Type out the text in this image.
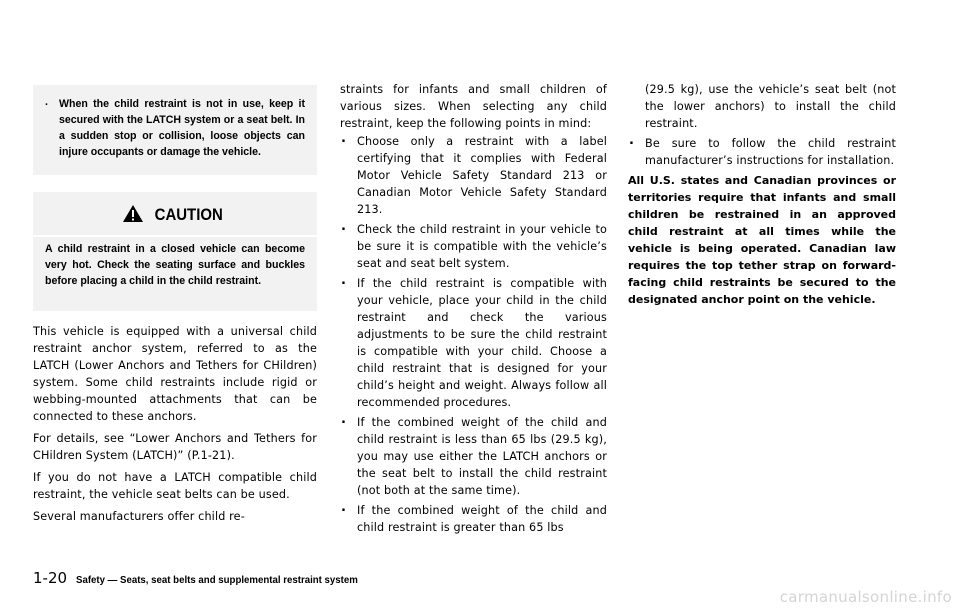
. When the child restraint is not in use, keep it secured with the LATCH system or a seat belt. In a sudden stop or collision, loose objects can injure occupants or damage the vehicle.
CAUTION
A child restraint in a closed vehicle can become very hot. Check the seating surface and buckles before placing a child in the child restraint.

This vehicle is equipped with a universal child restraint anchor system, referred to as the LATCH (Lower Anchors and Tethers for CHildren) system. Some child restraints include rigid or webbing-mounted attachments that can be connected to these anchors.

For details, see “Lower Anchors and Tethers for CHildren System (LATCH)” (P.1-21).

If you do not have a LATCH compatible child restraint, the vehicle seat belts can be used.

Several manufacturers offer child re-

straints for infants and small children of various sizes. When selecting any child restraint, keep the following points in mind:

. Choose only a restraint with a label certifying that it complies with Federal Motor Vehicle Safety Standard 213 or Canadian Motor Vehicle Safety Standard 213.
. Check the child restraint in your vehicle to be sure it is compatible with the vehicle’s seat and seat belt system.
. If the child restraint is compatible with your vehicle, place your child in the child restraint and check the various adjustments to be sure the child restraint is compatible with your child. Choose a child restraint that is designed for your child’s height and weight. Always follow all recommended procedures.
. If the combined weight of the child and child restraint is less than 65 lbs (29.5 kg), you may use either the LATCH anchors or the seat belt to install the child restraint (not both at the same time).
. If the combined weight of the child and child restraint is greater than 65 lbs
(29.5 kg), use the vehicle’s seat belt (not the lower anchors) to install the child restraint.
. Be sure to follow the child restraint manufacturer’s instructions for installation.

All U.S. states and Canadian provinces or territories require that infants and small children be restrained in an approved child restraint at all times while the vehicle is being operated. Canadian law requires the top tether strap on forward-facing child restraints be secured to the designated anchor point on the vehicle.

1-20 Safety — Seats, seat belts and supplemental restraint system
carmanualsonline.info
